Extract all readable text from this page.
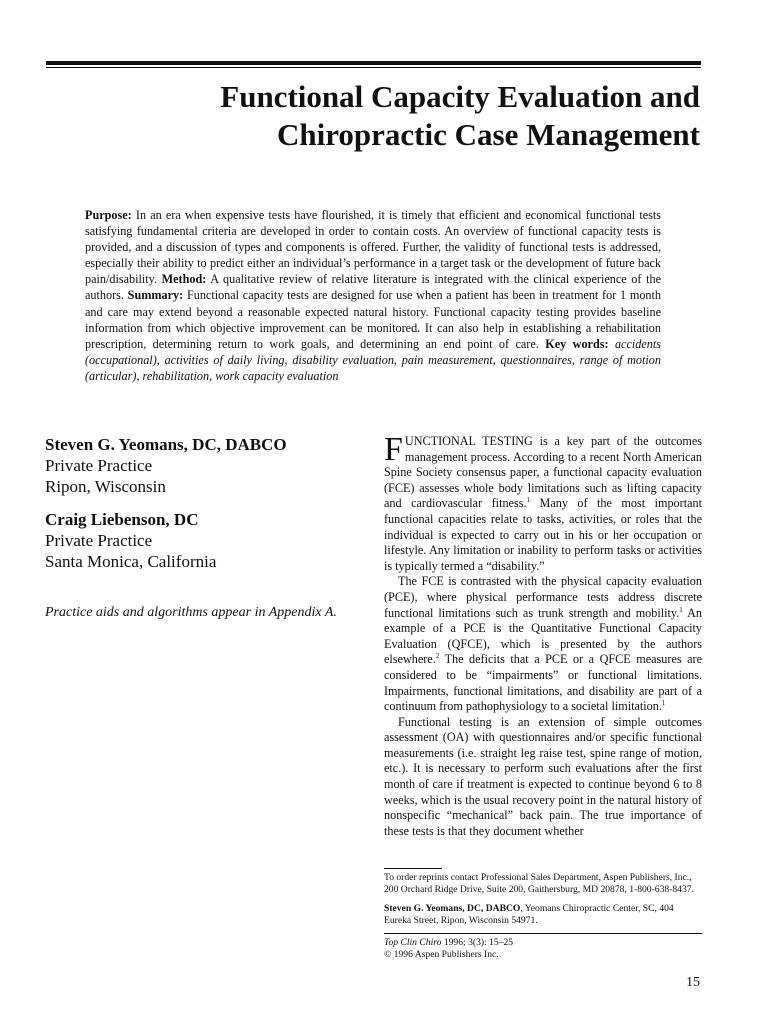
Functional Capacity Evaluation and
Chiropractic Case Management

Purpose: In an era when expensive tests have flourished, it is timely that efficient and economical functional tests satisfying fundamental criteria are developed in order to contain costs. An overview of functional capacity tests is provided, and a discussion of types and components is offered. Further, the validity of functional tests is addressed, especially their ability to predict either an individual’s performance in a target task or the development of future back pain/disability. Method: A qualitative review of relative literature is integrated with the clinical experience of the authors. Summary: Functional capacity tests are designed for use when a patient has been in treatment for 1 month and care may extend beyond a reasonable expected natural history. Functional capacity testing provides baseline information from which objective improvement can be monitored. It can also help in establishing a rehabilitation prescription, determining return to work goals, and determining an end point of care. Key words: accidents (occupational), activities of daily living, disability evaluation, pain measurement, questionnaires, range of motion (articular), rehabilitation, work capacity evaluation

Steven G. Yeomans, DC, DABCO

Private Practice

Ripon, Wisconsin

Craig Liebenson, DC

Private Practice

Santa Monica, California

Practice aids and algorithms appear in Appendix A.

FUNCTIONAL TESTING is a key part of the outcomes management process. According to a recent North American Spine Society consensus paper, a functional capacity evaluation (FCE) assesses whole body limitations such as lifting capacity and cardiovascular fitness.$^1$ Many of the most important functional capacities relate to tasks, activities, or roles that the individual is expected to carry out in his or her occupation or lifestyle. Any limitation or inability to perform tasks or activities is typically termed a “disability.”

The FCE is contrasted with the physical capacity evaluation (PCE), where physical performance tests address discrete functional limitations such as trunk strength and mobility.$^1$ An example of a PCE is the Quantitative Functional Capacity Evaluation (QFCE), which is presented by the authors elsewhere.$^2$ The deficits that a PCE or a QFCE measures are considered to be “impairments” or functional limitations. Impairments, functional limitations, and disability are part of a continuum from pathophysiology to a societal limitation.$^1$

Functional testing is an extension of simple outcomes assessment (OA) with questionnaires and/or specific functional measurements (i.e. straight leg raise test, spine range of motion, etc.). It is necessary to perform such evaluations after the first month of care if treatment is expected to continue beyond 6 to 8 weeks, which is the usual recovery point in the natural history of nonspecific “mechanical” back pain. The true importance of these tests is that they document whether

To order reprints contact Professional Sales Department, Aspen Publishers, Inc., 200 Orchard Ridge Drive, Suite 200, Gaithersburg, MD 20878, 1-800-638-8437.

Steven G. Yeomans, DC, DABCO, Yeomans Chiropractic Center, SC, 404 Eureka Street, Ripon, Wisconsin 54971.

Top Clin Chiro 1996; 3(3): 15–25
© 1996 Aspen Publishers Inc.
15
